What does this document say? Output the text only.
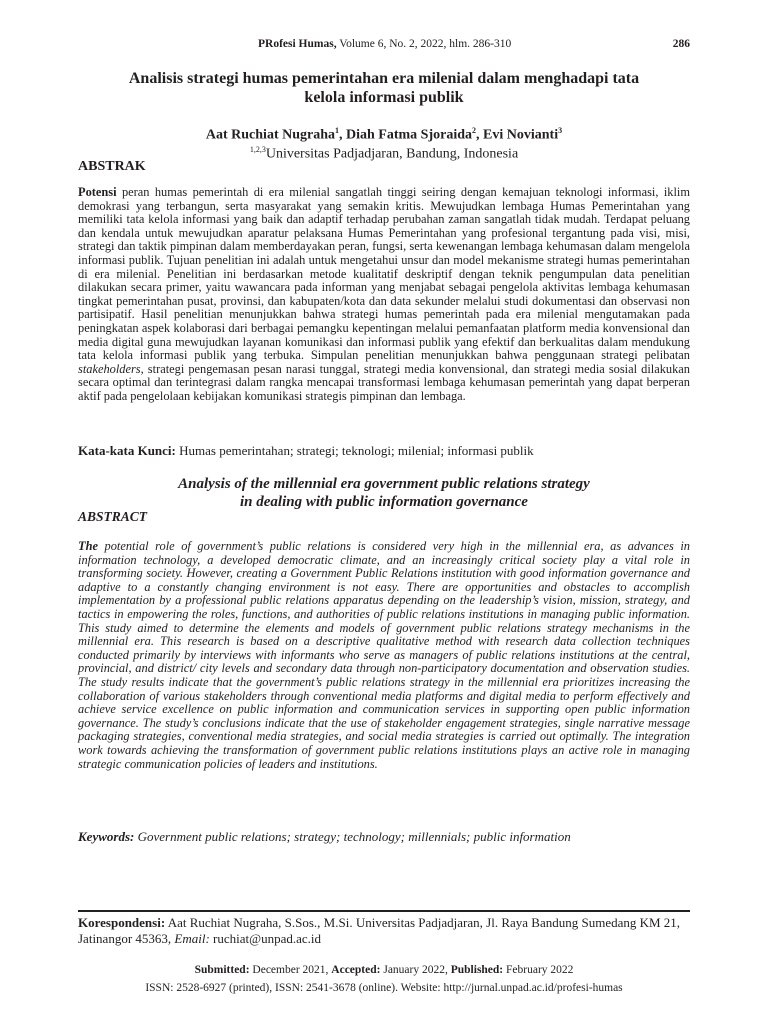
PRofesi Humas, Volume 6, No. 2, 2022, hlm. 286-310	286
Analisis strategi humas pemerintahan era milenial dalam menghadapi tata
kelola informasi publik
Aat Ruchiat Nugraha$^1$, Diah Fatma Sjoraida$^2$, Evi Novianti$^3$
$^{1,2,3}$Universitas Padjadjaran, Bandung, Indonesia
ABSTRAK
Potensi peran humas pemerintah di era milenial sangatlah tinggi seiring dengan kemajuan teknologi informasi, iklim demokrasi yang terbangun, serta masyarakat yang semakin kritis. Mewujudkan lembaga Humas Pemerintahan yang memiliki tata kelola informasi yang baik dan adaptif terhadap perubahan zaman sangatlah tidak mudah. Terdapat peluang dan kendala untuk mewujudkan aparatur pelaksana Humas Pemerintahan yang profesional tergantung pada visi, misi, strategi dan taktik pimpinan dalam memberdayakan peran, fungsi, serta kewenangan lembaga kehumasan dalam mengelola informasi publik. Tujuan penelitian ini adalah untuk mengetahui unsur dan model mekanisme strategi humas pemerintahan di era milenial. Penelitian ini berdasarkan metode kualitatif deskriptif dengan teknik pengumpulan data penelitian dilakukan secara primer, yaitu wawancara pada informan yang menjabat sebagai pengelola aktivitas lembaga kehumasan tingkat pemerintahan pusat, provinsi, dan kabupaten/kota dan data sekunder melalui studi dokumentasi dan observasi non partisipatif. Hasil penelitian menunjukkan bahwa strategi humas pemerintah pada era milenial mengutamakan pada peningkatan aspek kolaborasi dari berbagai pemangku kepentingan melalui pemanfaatan platform media konvensional dan media digital guna mewujudkan layanan komunikasi dan informasi publik yang efektif dan berkualitas dalam mendukung tata kelola informasi publik yang terbuka. Simpulan penelitian menunjukkan bahwa penggunaan strategi pelibatan stakeholders, strategi pengemasan pesan narasi tunggal, strategi media konvensional, dan strategi media sosial dilakukan secara optimal dan terintegrasi dalam rangka mencapai transformasi lembaga kehumasan pemerintah yang dapat berperan aktif pada pengelolaan kebijakan komunikasi strategis pimpinan dan lembaga.
Kata-kata Kunci: Humas pemerintahan; strategi; teknologi; milenial; informasi publik
Analysis of the millennial era government public relations strategy
in dealing with public information governance
ABSTRACT
The potential role of government’s public relations is considered very high in the millennial era, as advances in information technology, a developed democratic climate, and an increasingly critical society play a vital role in transforming society. However, creating a Government Public Relations institution with good information governance and adaptive to a constantly changing environment is not easy. There are opportunities and obstacles to accomplish implementation by a professional public relations apparatus depending on the leadership’s vision, mission, strategy, and tactics in empowering the roles, functions, and authorities of public relations institutions in managing public information. This study aimed to determine the elements and models of government public relations strategy mechanisms in the millennial era. This research is based on a descriptive qualitative method with research data collection techniques conducted primarily by interviews with informants who serve as managers of public relations institutions at the central, provincial, and district/ city levels and secondary data through non-participatory documentation and observation studies. The study results indicate that the government’s public relations strategy in the millennial era prioritizes increasing the collaboration of various stakeholders through conventional media platforms and digital media to perform effectively and achieve service excellence on public information and communication services in supporting open public information governance. The study’s conclusions indicate that the use of stakeholder engagement strategies, single narrative message packaging strategies, conventional media strategies, and social media strategies is carried out optimally. The integration work towards achieving the transformation of government public relations institutions plays an active role in managing strategic communication policies of leaders and institutions.
Keywords: Government public relations; strategy; technology; millennials; public information
Korespondensi: Aat Ruchiat Nugraha, S.Sos., M.Si. Universitas Padjadjaran, Jl. Raya Bandung Sumedang KM 21, Jatinangor 45363, Email: ruchiat@unpad.ac.id
Submitted: December 2021, Accepted: January 2022, Published: February 2022
ISSN: 2528-6927 (printed), ISSN: 2541-3678 (online). Website: http://jurnal.unpad.ac.id/profesi-humas
